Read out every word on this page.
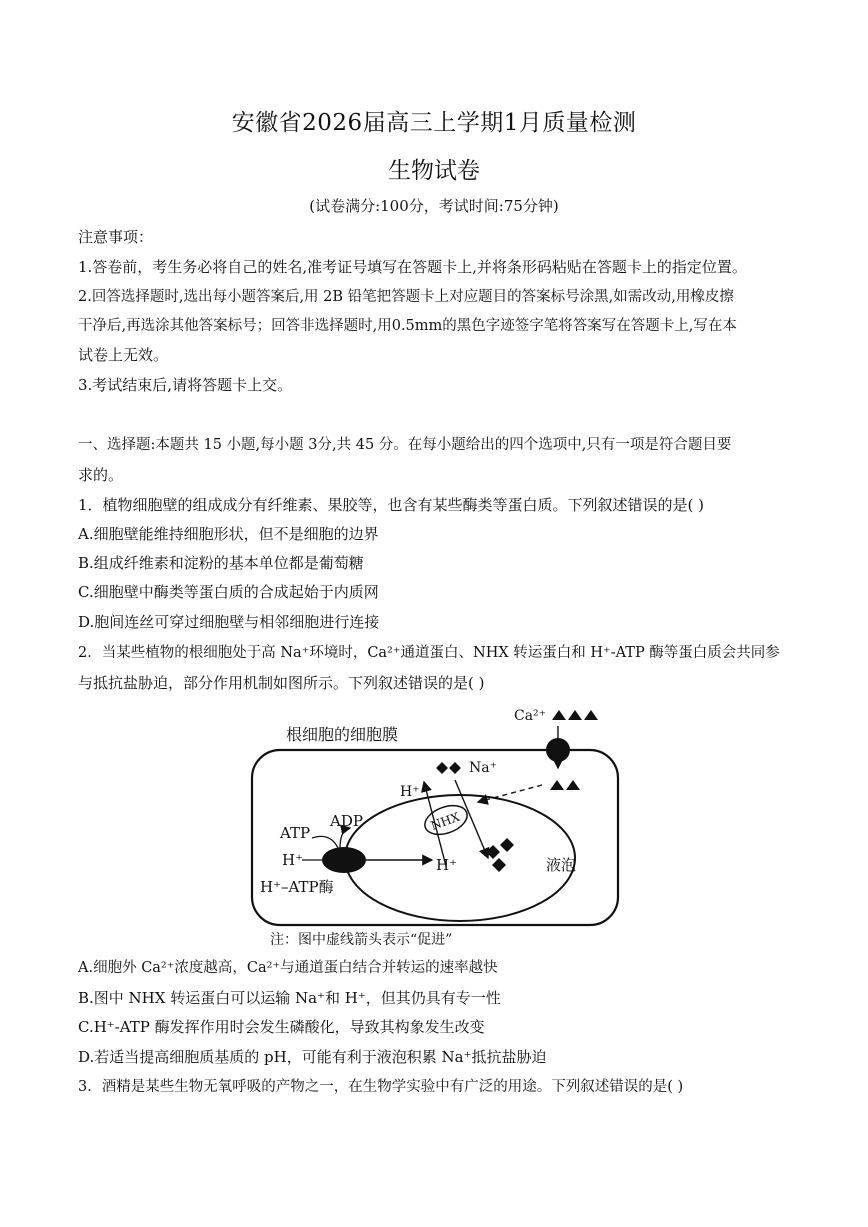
安徽省2026届高三上学期1月质量检测
生物试卷
(试卷满分:100分，考试时间:75分钟)
注意事项：
1.答卷前，考生务必将自己的姓名,准考证号填写在答题卡上,并将条形码粘贴在答题卡上的指定位置。
2.回答选择题时,选出每小题答案后,用 2B 铅笔把答题卡上对应题目的答案标号涂黑,如需改动,用橡皮擦
干净后,再选涂其他答案标号；回答非选择题时,用0.5mm的黑色字迹签字笔将答案写在答题卡上,写在本
试卷上无效。
3.考试结束后,请将答题卡上交。
一、选择题:本题共 15 小题,每小题 3分,共 45 分。在每小题给出的四个选项中,只有一项是符合题目要
求的。
1．植物细胞壁的组成成分有纤维素、果胶等，也含有某些酶类等蛋白质。下列叙述错误的是( )
A.细胞壁能维持细胞形状，但不是细胞的边界
B.组成纤维素和淀粉的基本单位都是葡萄糖
C.细胞壁中酶类等蛋白质的合成起始于内质网
D.胞间连丝可穿过细胞壁与相邻细胞进行连接
2．当某些植物的根细胞处于高 Na⁺环境时，Ca²⁺通道蛋白、NHX 转运蛋白和 H⁺-ATP 酶等蛋白质会共同参
与抵抗盐胁迫，部分作用机制如图所示。下列叙述错误的是( )
根细胞的细胞膜
Ca²⁺
液泡
NHX
Na⁺
H⁺
ATP
ADP
H⁺	H⁺
H⁺–ATP酶
注：图中虚线箭头表示“促进”
A.细胞外 Ca²⁺浓度越高，Ca²⁺与通道蛋白结合并转运的速率越快
B.图中 NHX 转运蛋白可以运输 Na⁺和 H⁺，但其仍具有专一性
C.H⁺-ATP 酶发挥作用时会发生磷酸化，导致其构象发生改变
D.若适当提高细胞质基质的 pH，可能有利于液泡积累 Na⁺抵抗盐胁迫
3．酒精是某些生物无氧呼吸的产物之一，在生物学实验中有广泛的用途。下列叙述错误的是( )
